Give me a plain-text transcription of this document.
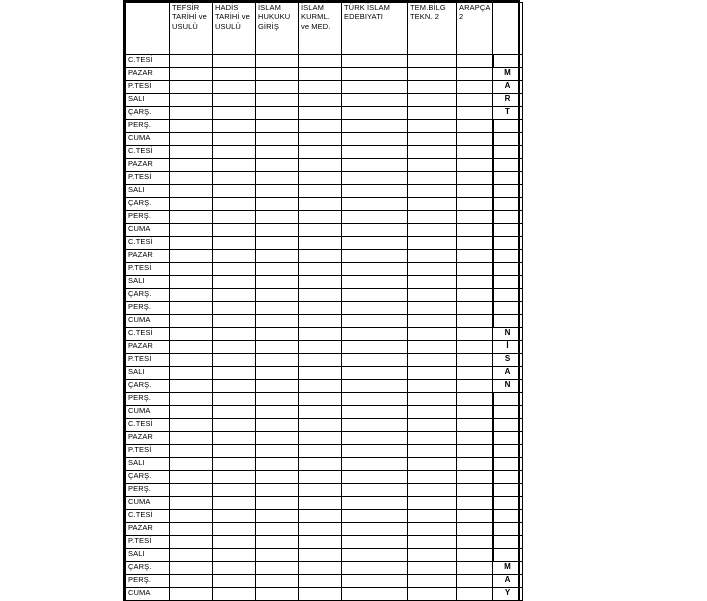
	TEFSİR TARİHİ ve USULÜ	HADİS TARİHİ ve USULÜ	İSLAM HUKUKU GİRİŞ	İSLAM KURML. ve MED.	TÜRK İSLAM EDEBIYATI	TEM.BİLG TEKN. 2	ARAPÇA 2	
C.TESİ								
PAZAR								M
P.TESİ								A
SALI								R
ÇARŞ.								T
PERŞ.								
CUMA								
C.TESİ								
PAZAR								
P.TESİ								
SALI								
ÇARŞ.								
PERŞ.								
CUMA								
C.TESİ								
PAZAR								
P.TESİ								
SALI								
ÇARŞ.								
PERŞ.								
CUMA								
C.TESİ								N
PAZAR								İ
P.TESİ								S
SALI								A
ÇARŞ.								N
PERŞ.								
CUMA								
C.TESİ								
PAZAR								
P.TESİ								
SALI								
ÇARŞ.								
PERŞ.								
CUMA								
C.TESİ								
PAZAR								
P.TESİ								
SALI								
ÇARŞ.								M
PERŞ.								A
CUMA								Y
